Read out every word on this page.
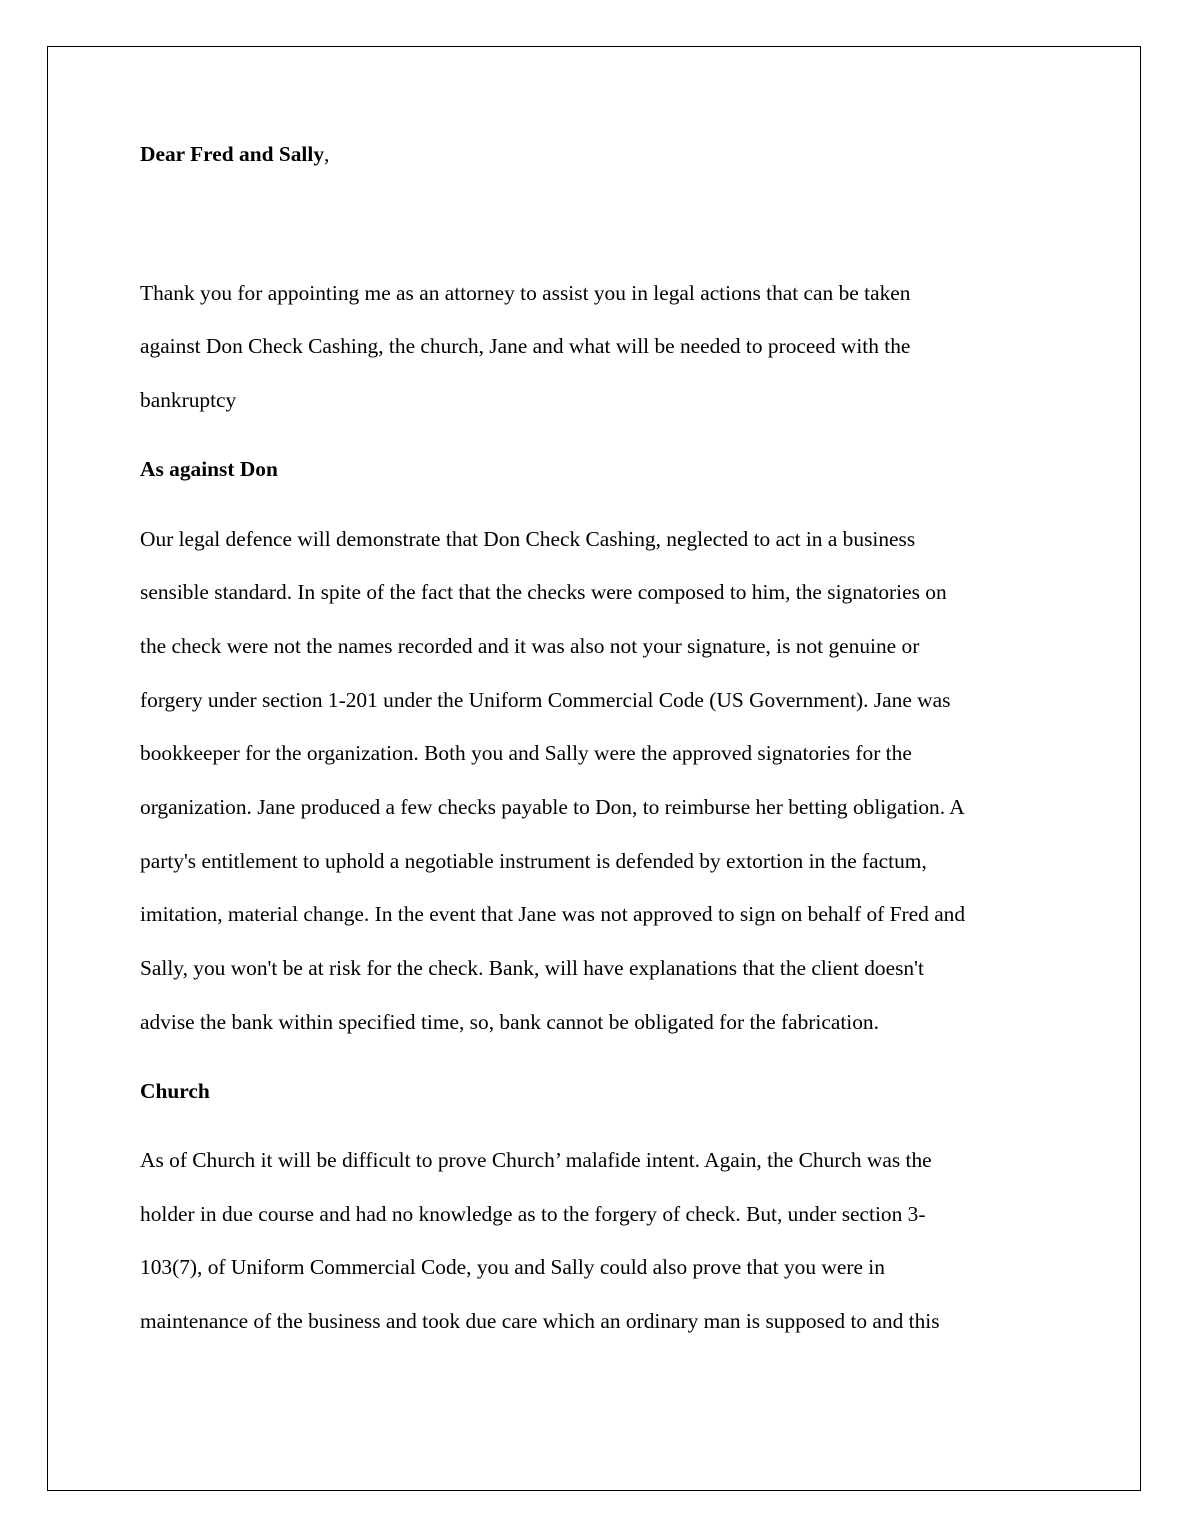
Dear Fred and Sally,
Thank you for appointing me as an attorney to assist you in legal actions that can be taken
against Don Check Cashing, the church, Jane and what will be needed to proceed with the
bankruptcy
As against Don
Our legal defence will demonstrate that Don Check Cashing, neglected to act in a business
sensible standard. In spite of the fact that the checks were composed to him, the signatories on
the check were not the names recorded and it was also not your signature, is not genuine or
forgery under section 1-201 under the Uniform Commercial Code (US Government). Jane was
bookkeeper for the organization. Both you and Sally were the approved signatories for the
organization. Jane produced a few checks payable to Don, to reimburse her betting obligation. A
party's entitlement to uphold a negotiable instrument is defended by extortion in the factum,
imitation, material change. In the event that Jane was not approved to sign on behalf of Fred and
Sally, you won't be at risk for the check. Bank, will have explanations that the client doesn't
advise the bank within specified time, so, bank cannot be obligated for the fabrication.
Church
As of Church it will be difficult to prove Church’ malafide intent. Again, the Church was the
holder in due course and had no knowledge as to the forgery of check. But, under section 3-
103(7), of Uniform Commercial Code, you and Sally could also prove that you were in
maintenance of the business and took due care which an ordinary man is supposed to and this
